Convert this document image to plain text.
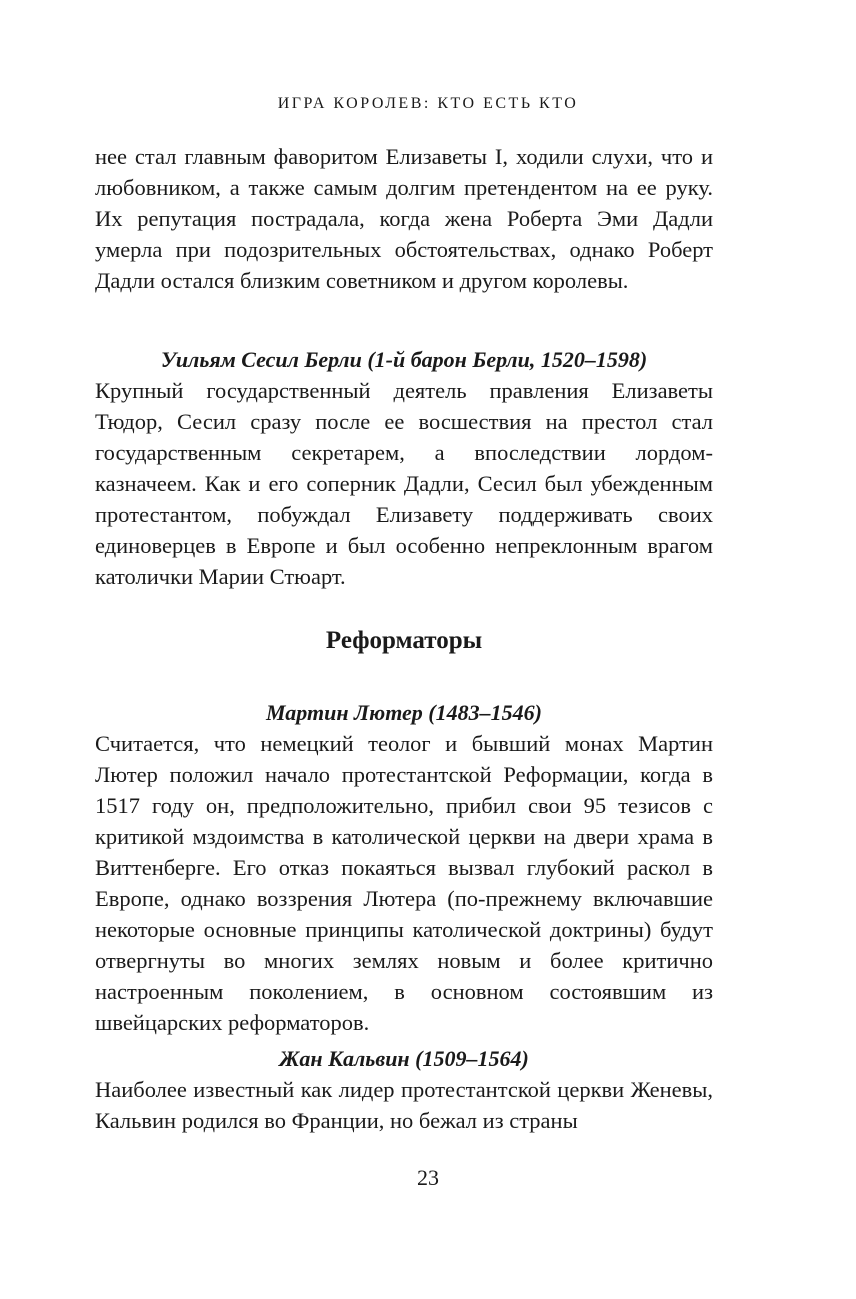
ИГРА КОРОЛЕВ: КТО ЕСТЬ КТО

нее стал главным фаворитом Елизаветы I, ходили слухи, что и любовником, а также самым долгим претендентом на ее руку. Их репутация пострадала, когда жена Роберта Эми Дадли умерла при подозрительных обстоятельствах, однако Роберт Дадли остался близким советником и другом королевы.

Уильям Сесил Берли (1-й барон Берли, 1520–1598)

Крупный государственный деятель правления Елизаветы Тюдор, Сесил сразу после ее восшествия на престол стал государственным секретарем, а впоследствии лордом-казначеем. Как и его соперник Дадли, Сесил был убежденным протестантом, побуждал Елизавету поддерживать своих единоверцев в Европе и был особенно непреклонным врагом католички Марии Стюарт.

Реформаторы

Мартин Лютер (1483–1546)

Считается, что немецкий теолог и бывший монах Мартин Лютер положил начало протестантской Реформации, когда в 1517 году он, предположительно, прибил свои 95 тезисов с критикой мздоимства в католической церкви на двери храма в Виттенберге. Его отказ покаяться вызвал глубокий раскол в Европе, однако воззрения Лютера (по-прежнему включавшие некоторые основные принципы католической доктрины) будут отвергнуты во многих землях новым и более критично настроенным поколением, в основном состоявшим из швейцарских реформаторов.

Жан Кальвин (1509–1564)

Наиболее известный как лидер протестантской церкви Женевы, Кальвин родился во Франции, но бежал из страны

23
